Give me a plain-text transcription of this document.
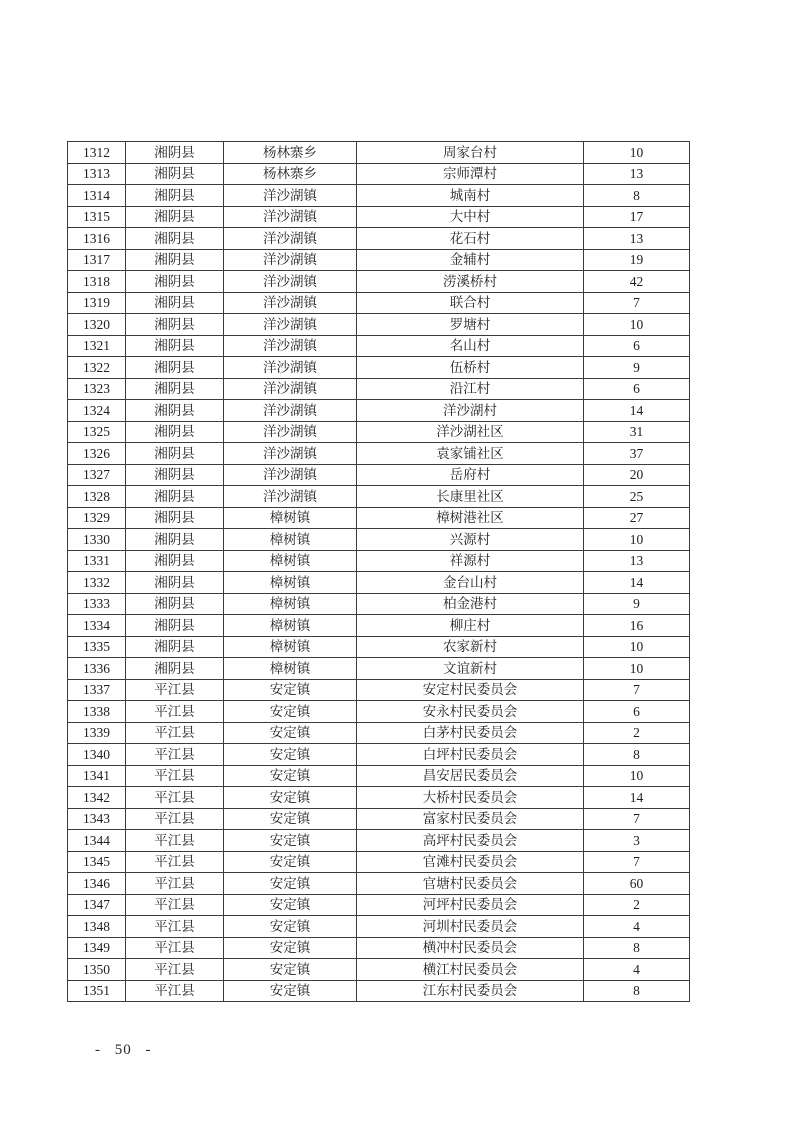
1312	湘阴县	杨林寨乡	周家台村	10
1313	湘阴县	杨林寨乡	宗师潭村	13
1314	湘阴县	洋沙湖镇	城南村	8
1315	湘阴县	洋沙湖镇	大中村	17
1316	湘阴县	洋沙湖镇	花石村	13
1317	湘阴县	洋沙湖镇	金辅村	19
1318	湘阴县	洋沙湖镇	涝溪桥村	42
1319	湘阴县	洋沙湖镇	联合村	7
1320	湘阴县	洋沙湖镇	罗塘村	10
1321	湘阴县	洋沙湖镇	名山村	6
1322	湘阴县	洋沙湖镇	伍桥村	9
1323	湘阴县	洋沙湖镇	沿江村	6
1324	湘阴县	洋沙湖镇	洋沙湖村	14
1325	湘阴县	洋沙湖镇	洋沙湖社区	31
1326	湘阴县	洋沙湖镇	袁家铺社区	37
1327	湘阴县	洋沙湖镇	岳府村	20
1328	湘阴县	洋沙湖镇	长康里社区	25
1329	湘阴县	樟树镇	樟树港社区	27
1330	湘阴县	樟树镇	兴源村	10
1331	湘阴县	樟树镇	祥源村	13
1332	湘阴县	樟树镇	金台山村	14
1333	湘阴县	樟树镇	柏金港村	9
1334	湘阴县	樟树镇	柳庄村	16
1335	湘阴县	樟树镇	农家新村	10
1336	湘阴县	樟树镇	文谊新村	10
1337	平江县	安定镇	安定村民委员会	7
1338	平江县	安定镇	安永村民委员会	6
1339	平江县	安定镇	白茅村民委员会	2
1340	平江县	安定镇	白坪村民委员会	8
1341	平江县	安定镇	昌安居民委员会	10
1342	平江县	安定镇	大桥村民委员会	14
1343	平江县	安定镇	富家村民委员会	7
1344	平江县	安定镇	高坪村民委员会	3
1345	平江县	安定镇	官滩村民委员会	7
1346	平江县	安定镇	官塘村民委员会	60
1347	平江县	安定镇	河坪村民委员会	2
1348	平江县	安定镇	河圳村民委员会	4
1349	平江县	安定镇	横冲村民委员会	8
1350	平江县	安定镇	横江村民委员会	4
1351	平江县	安定镇	江东村民委员会	8
- 50 -
